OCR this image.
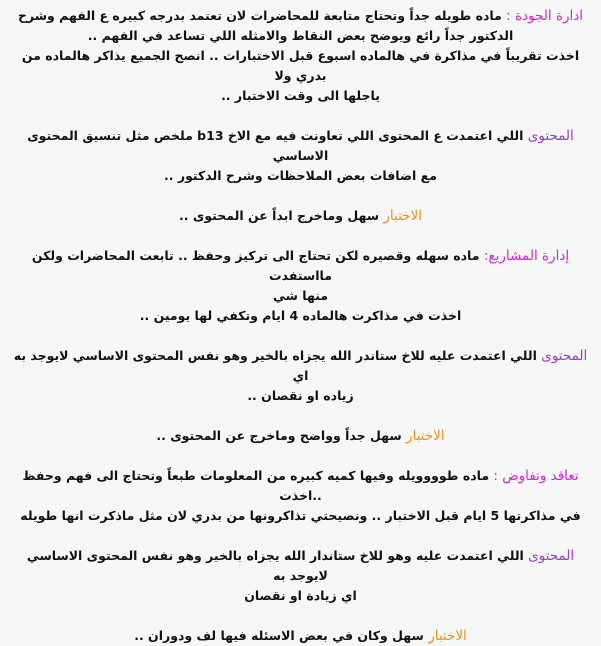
ادارة الجودة : ماده طويله جداً وتحتاج متابعة للمحاضرات لان تعتمد بدرجه كبيره ع الفهم وشرح
الدكتور جداً رائع ويوضح بعض النقاط والامثله اللي تساعد في الفهم ..
اخذت تقريباً في مذاكرة في هالماده اسبوع قبل الاختبارات .. انصح الجميع يذاكر هالماده من بدري ولا
ياجلها الى وقت الاختبار ..
المحتوى اللي اعتمدت ع المحتوى اللي تعاونت فيه مع الاخ b13 ملخص مثل تنسيق المحتوى الاساسي
مع اضافات بعض الملاحظات وشرح الدكتور ..
الاختبار سهل وماخرج ابداً عن المحتوى ..
إدارة المشاريع: ماده سهله وقصيره لكن تحتاج الى تركيز وحفظ .. تابعت المحاضرات ولكن مااستفدت
منها شي
اخذت في مذاكرت هالماده 4 ايام وتكفي لها يومين ..
المحتوى اللي اعتمدت عليه للاخ ستاندر الله يجزاه بالخير وهو نفس المحتوى الاساسي لايوجد به اي
زياده او نقصان ..
الاختبار سهل جداً وواضح وماخرج عن المحتوى ..
تعاقد وتفاوض : ماده طوووويله وفيها كميه كبيره من المعلومات طبعاً وتحتاج الى فهم وحفظ ..اخذت
في مذاكرتها 5 ايام قبل الاختبار .. ونصيحتي تذاكرونها من بدري لان مثل ماذكرت انها طويله
المحتوى اللي اعتمدت عليه وهو للاخ ستاندار الله يجزاه بالخير وهو نفس المحتوى الاساسي لايوجد به
اي زيادة او نقصان
الاختبار سهل وكان في بعض الاسئله فيها لف ودوران ..
